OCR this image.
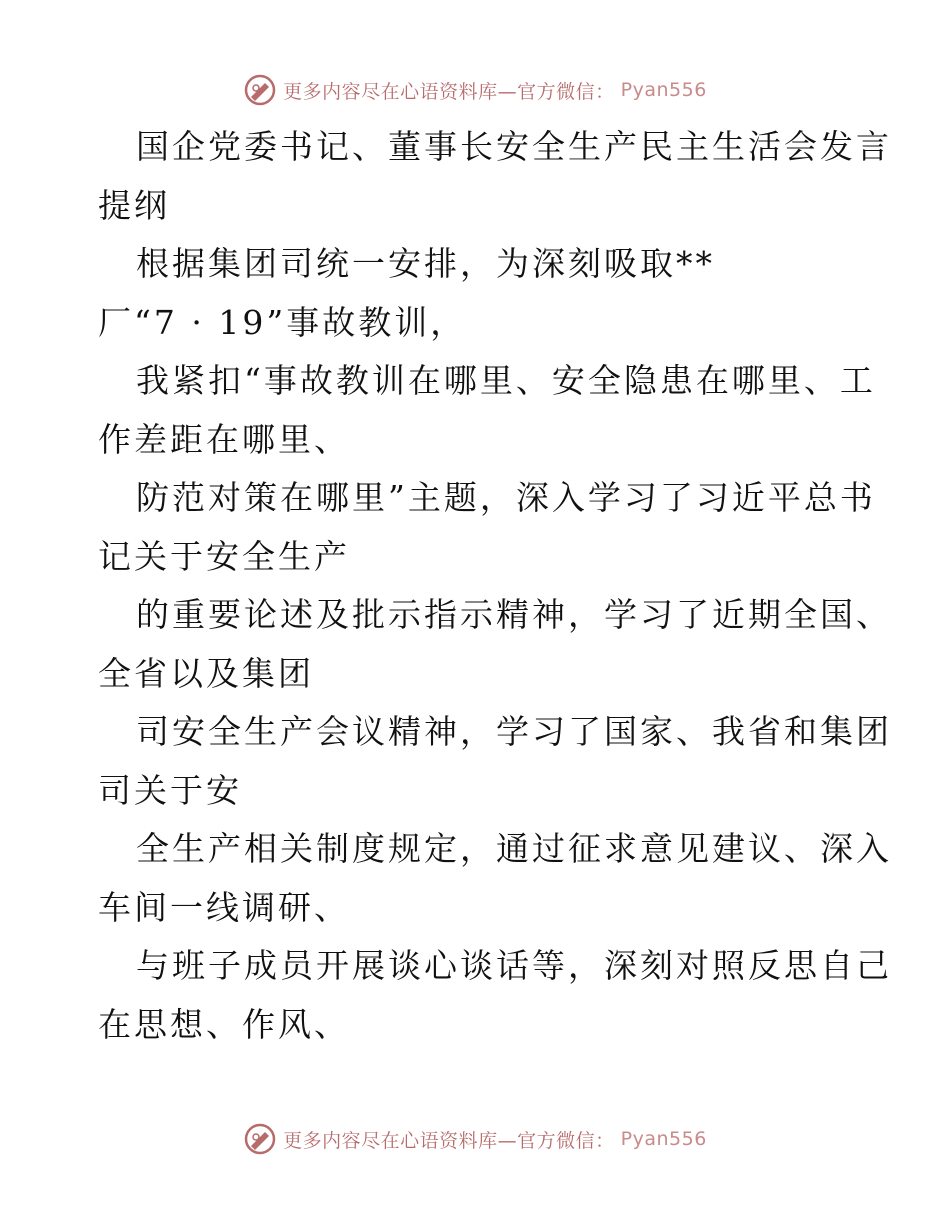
更多内容尽在心语资料库—官方微信： Pyan556
国企党委书记、董事长安全生产民主生活会发言
提纲
根据集团司统一安排，为深刻吸取**
厂“7 · 19”事故教训，
我紧扣“事故教训在哪里、安全隐患在哪里、工
作差距在哪里、
防范对策在哪里”主题，深入学习了习近平总书
记关于安全生产
的重要论述及批示指示精神，学习了近期全国、
全省以及集团
司安全生产会议精神，学习了国家、我省和集团
司关于安
全生产相关制度规定，通过征求意见建议、深入
车间一线调研、
与班子成员开展谈心谈话等，深刻对照反思自己
在思想、作风、
更多内容尽在心语资料库—官方微信： Pyan556
